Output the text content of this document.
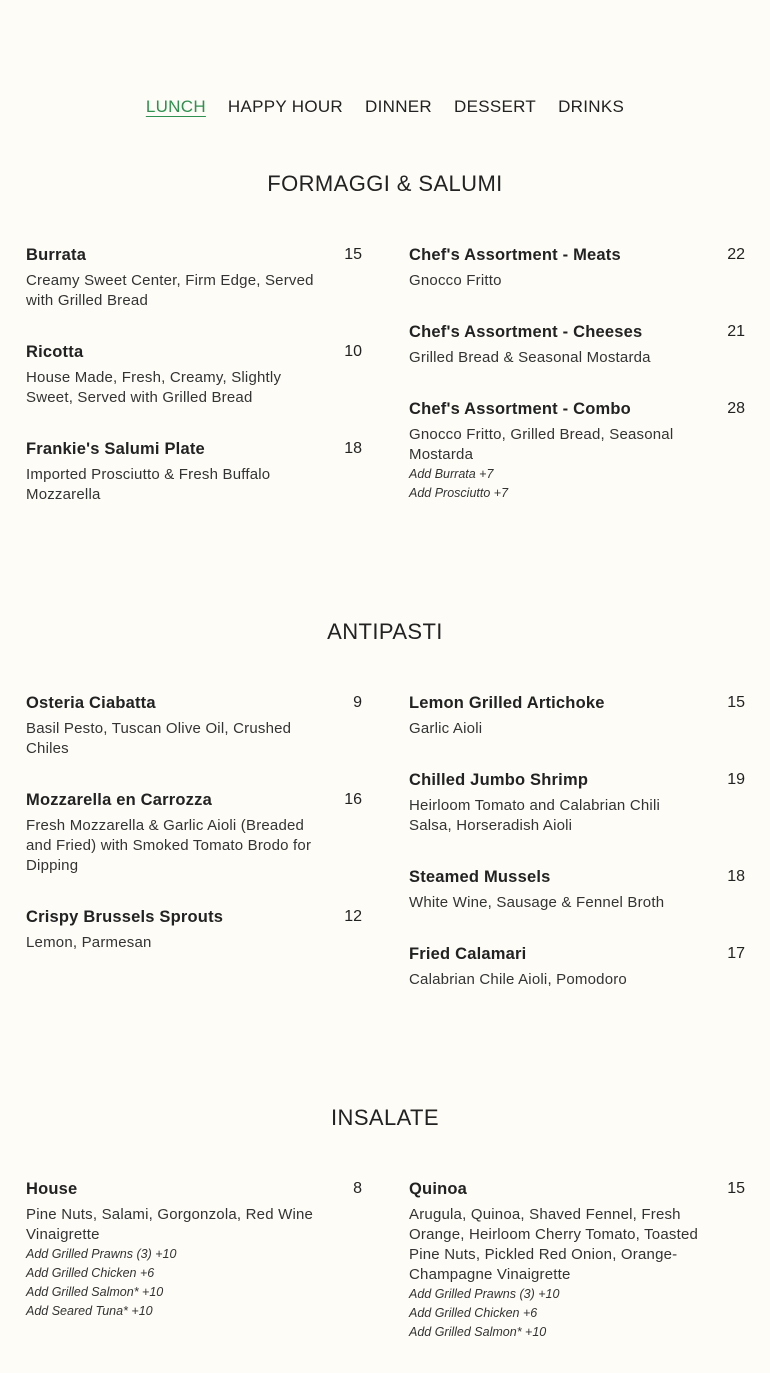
LUNCH HAPPY HOUR DINNER DESSERT DRINKS
FORMAGGI & SALUMI
Burrata	15
Creamy Sweet Center, Firm Edge, Served with Grilled Bread
Ricotta	10
House Made, Fresh, Creamy, Slightly Sweet, Served with Grilled Bread
Frankie's Salumi Plate	18
Imported Prosciutto & Fresh Buffalo Mozzarella
Chef's Assortment - Meats	22
Gnocco Fritto
Chef's Assortment - Cheeses	21
Grilled Bread & Seasonal Mostarda
Chef's Assortment - Combo	28
Gnocco Fritto, Grilled Bread, Seasonal Mostarda
Add Burrata +7
Add Prosciutto +7
ANTIPASTI
Osteria Ciabatta	9
Basil Pesto, Tuscan Olive Oil, Crushed Chiles
Mozzarella en Carrozza	16
Fresh Mozzarella & Garlic Aioli (Breaded and Fried) with Smoked Tomato Brodo for Dipping
Crispy Brussels Sprouts	12
Lemon, Parmesan
Lemon Grilled Artichoke	15
Garlic Aioli
Chilled Jumbo Shrimp	19
Heirloom Tomato and Calabrian Chili Salsa, Horseradish Aioli
Steamed Mussels	18
White Wine, Sausage & Fennel Broth
Fried Calamari	17
Calabrian Chile Aioli, Pomodoro
INSALATE
House	8
Pine Nuts, Salami, Gorgonzola, Red Wine Vinaigrette
Add Grilled Prawns (3) +10
Add Grilled Chicken +6
Add Grilled Salmon* +10
Add Seared Tuna* +10
Quinoa	15
Arugula, Quinoa, Shaved Fennel, Fresh Orange, Heirloom Cherry Tomato, Toasted Pine Nuts, Pickled Red Onion, Orange-Champagne Vinaigrette
Add Grilled Prawns (3) +10
Add Grilled Chicken +6
Add Grilled Salmon* +10
